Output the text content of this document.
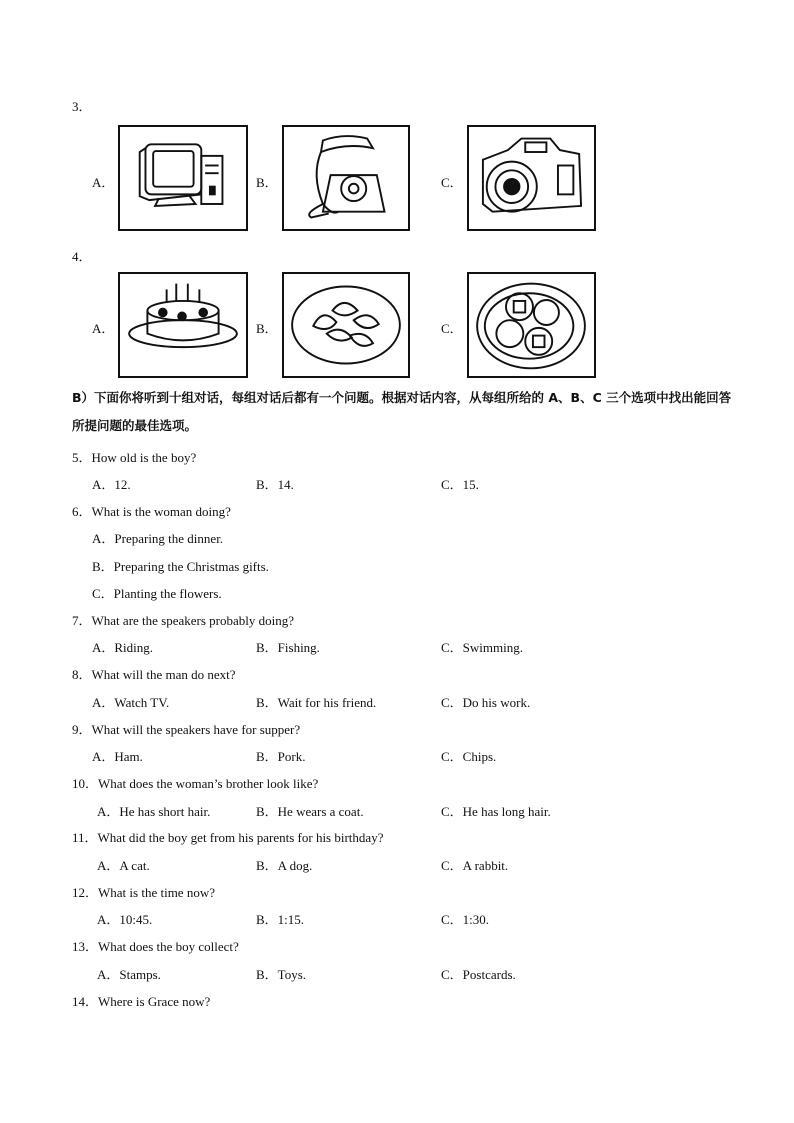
3．
A．	B．	C．
4．
A．	B．	C．
B）下面你将听到十组对话，每组对话后都有一个问题。根据对话内容，从每组所给的 A、B、C 三个选项中找出能回答所提问题的最佳选项。
5．How old is the boy?
A．12.	B．14.	C．15.
6．What is the woman doing?
A．Preparing the dinner.
B．Preparing the Christmas gifts.
C．Planting the flowers.
7．What are the speakers probably doing?
A．Riding.	B．Fishing.	C．Swimming.
8．What will the man do next?
A．Watch TV.	B．Wait for his friend.	C．Do his work.
9．What will the speakers have for supper?
A．Ham.	B．Pork.	C．Chips.
10．What does the woman’s brother look like?
A．He has short hair.	B．He wears a coat.	C．He has long hair.
11．What did the boy get from his parents for his birthday?
A．A cat.	B．A dog.	C．A rabbit.
12．What is the time now?
A．10:45.	B．1:15.	C．1:30.
13．What does the boy collect?
A．Stamps.	B．Toys.	C．Postcards.
14．Where is Grace now?
